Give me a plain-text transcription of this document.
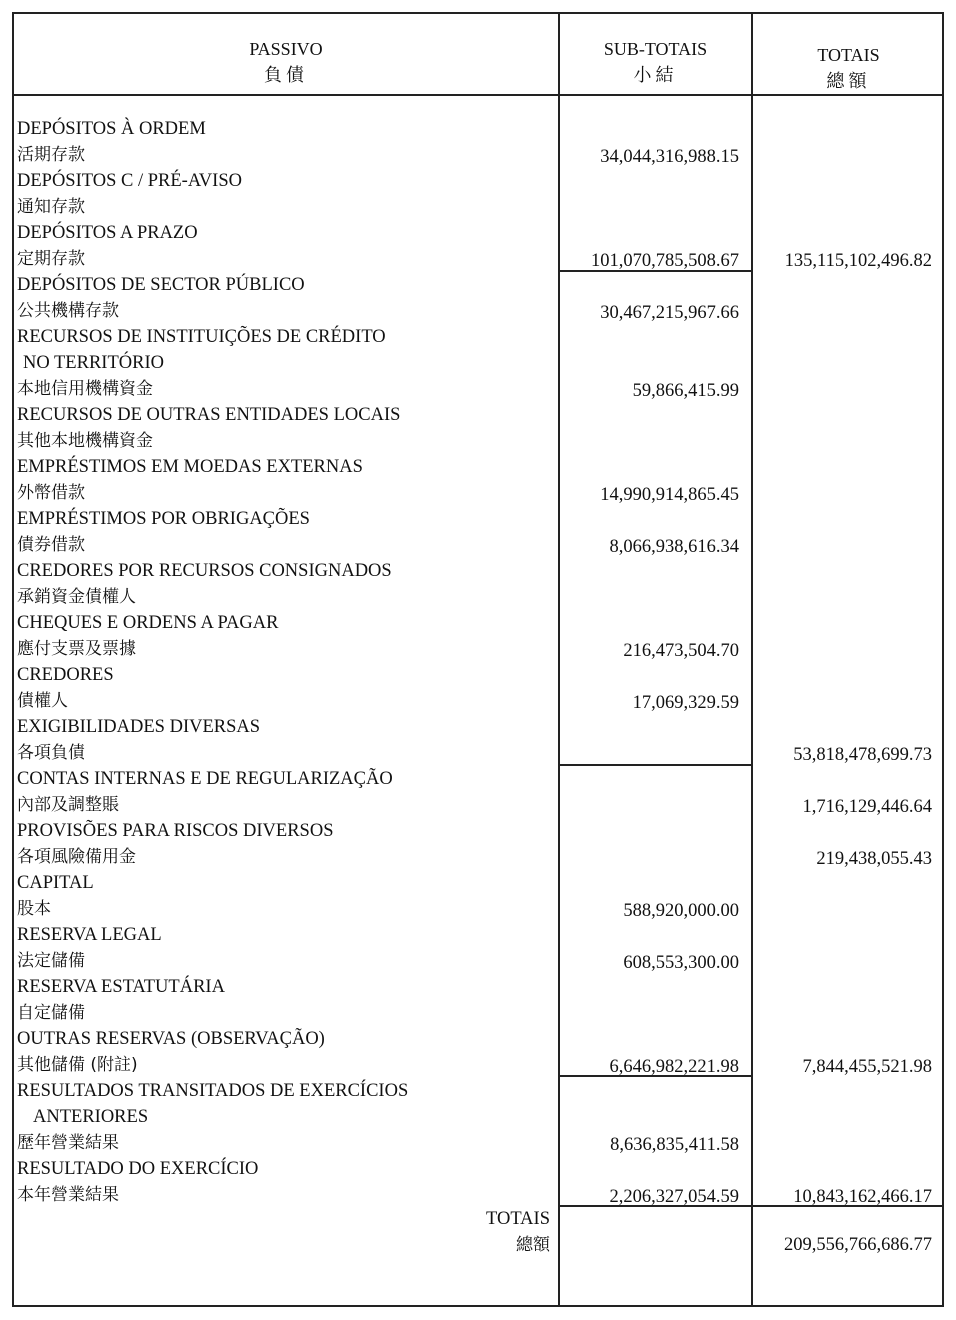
PASSIVO
負債
SUB-TOTAIS
小結
TOTAIS
總額
DEPÓSITOS À ORDEM
活期存款
DEPÓSITOS C / PRÉ-AVISO
通知存款
DEPÓSITOS A PRAZO
定期存款
DEPÓSITOS DE SECTOR PÚBLICO
公共機構存款
RECURSOS DE INSTITUIÇÕES DE CRÉDITO
NO TERRITÓRIO
本地信用機構資金
RECURSOS DE OUTRAS ENTIDADES LOCAIS
其他本地機構資金
EMPRÉSTIMOS EM MOEDAS EXTERNAS
外幣借款
EMPRÉSTIMOS POR OBRIGAÇÕES
債券借款
CREDORES POR RECURSOS CONSIGNADOS
承銷資金債權人
CHEQUES E ORDENS A PAGAR
應付支票及票據
CREDORES
債權人
EXIGIBILIDADES DIVERSAS
各項負債
CONTAS INTERNAS E DE REGULARIZAÇÃO
內部及調整賬
PROVISÕES PARA RISCOS DIVERSOS
各項風險備用金
CAPITAL
股本
RESERVA LEGAL
法定儲備
RESERVA ESTATUTÁRIA
自定儲備
OUTRAS RESERVAS (OBSERVAÇÃO)
其他儲備 (附註)
RESULTADOS TRANSITADOS DE EXERCÍCIOS
ANTERIORES
歷年營業結果
RESULTADO DO EXERCÍCIO
本年營業結果
34,044,316,988.15
101,070,785,508.67
30,467,215,967.66
59,866,415.99
14,990,914,865.45
8,066,938,616.34
216,473,504.70
17,069,329.59
588,920,000.00
608,553,300.00
6,646,982,221.98
8,636,835,411.58
2,206,327,054.59
135,115,102,496.82
53,818,478,699.73
1,716,129,446.64
219,438,055.43
7,844,455,521.98
10,843,162,466.17
TOTAIS
總額	209,556,766,686.77
